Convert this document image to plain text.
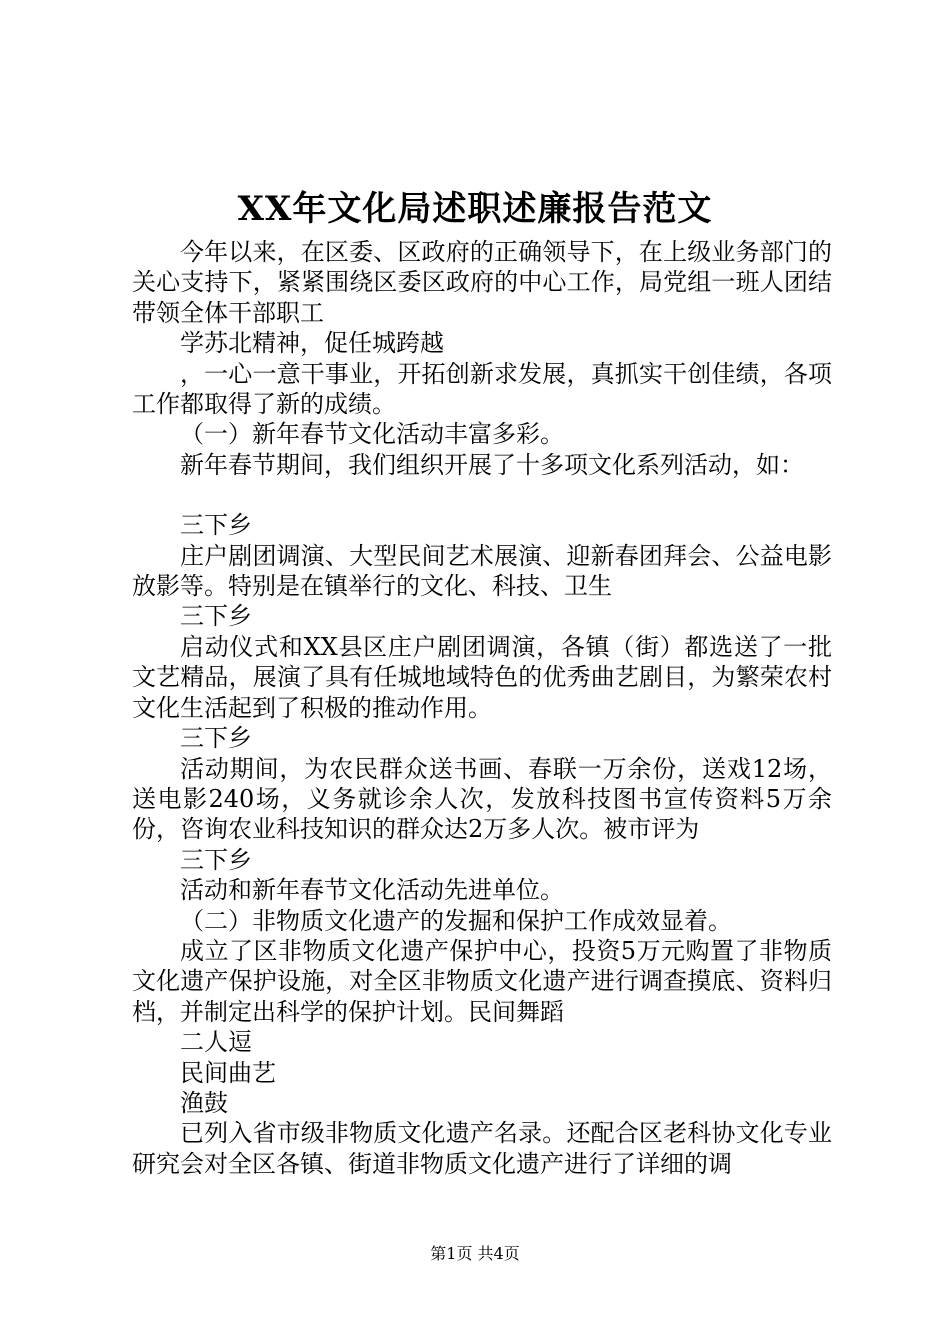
XX年文化局述职述廉报告范文

今年以来，在区委、区政府的正确领导下，在上级业务部门的关心支持下，紧紧围绕区委区政府的中心工作，局党组一班人团结带领全体干部职工

学苏北精神，促任城跨越

，一心一意干事业，开拓创新求发展，真抓实干创佳绩，各项工作都取得了新的成绩。

（一）新年春节文化活动丰富多彩。

新年春节期间，我们组织开展了十多项文化系列活动，如：

三下乡

庄户剧团调演、大型民间艺术展演、迎新春团拜会、公益电影放影等。特别是在镇举行的文化、科技、卫生

三下乡

启动仪式和XX县区庄户剧团调演，各镇（街）都选送了一批文艺精品，展演了具有任城地域特色的优秀曲艺剧目，为繁荣农村文化生活起到了积极的推动作用。

三下乡

活动期间，为农民群众送书画、春联一万余份，送戏12场，送电影240场，义务就诊余人次，发放科技图书宣传资料5万余份，咨询农业科技知识的群众达2万多人次。被市评为

三下乡

活动和新年春节文化活动先进单位。

（二）非物质文化遗产的发掘和保护工作成效显着。

成立了区非物质文化遗产保护中心，投资5万元购置了非物质文化遗产保护设施，对全区非物质文化遗产进行调查摸底、资料归档，并制定出科学的保护计划。民间舞蹈

二人逗

民间曲艺

渔鼓

已列入省市级非物质文化遗产名录。还配合区老科协文化专业研究会对全区各镇、街道非物质文化遗产进行了详细的调

第1页 共4页
